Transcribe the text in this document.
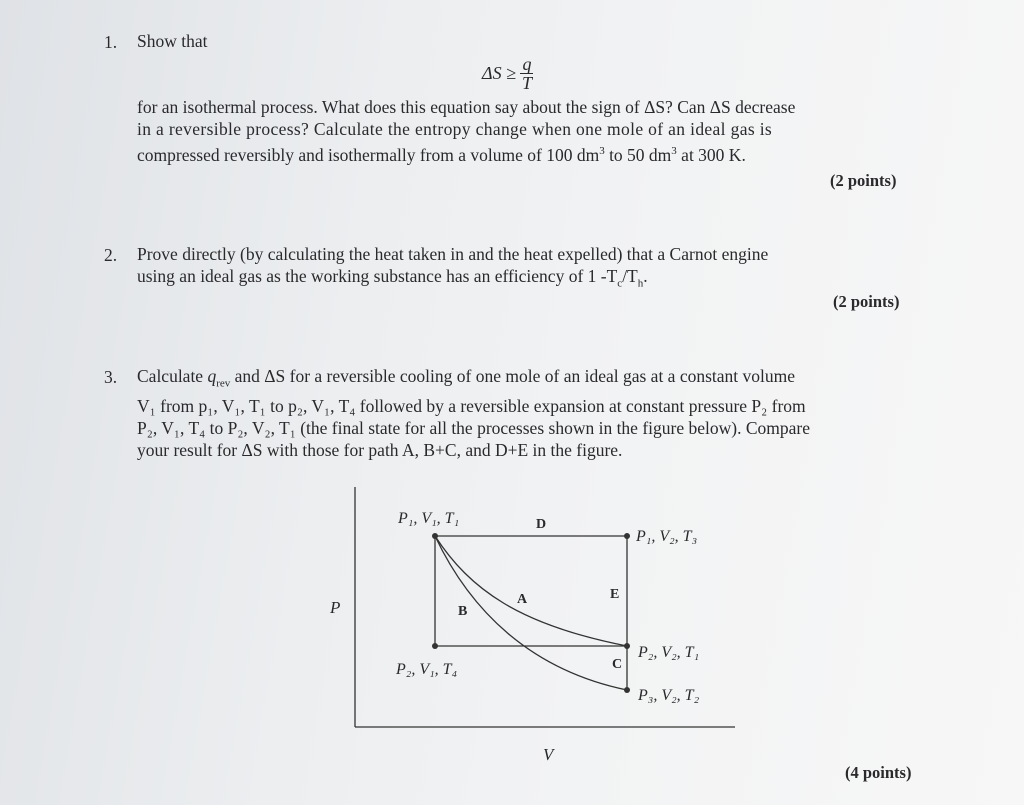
1. Show that
$\Delta S \ge \frac{q}{T}$
for an isothermal process. What does this equation say about the sign of ΔS? Can ΔS decrease
in a reversible process? Calculate the entropy change when one mole of an ideal gas is
compressed reversibly and isothermally from a volume of 100 $dm^3$ to 50 $dm^3$ at 300 K.
(2 points)
2. Prove directly (by calculating the heat taken in and the heat expelled) that a Carnot engine
using an ideal gas as the working substance has an efficiency of 1 $-T_c/T_h$.
(2 points)
3. Calculate $q_{rev}$ and ΔS for a reversible cooling of one mole of an ideal gas at a constant volume
V₁ from p₁, V₁, T₁ to p₂, V₁, T₄ followed by a reversible expansion at constant pressure P₂ from
P₂, V₁, T₄ to P₂, V₂, T₁ (the final state for all the processes shown in the figure below). Compare
your result for ΔS with those for path A, B+C, and D+E in the figure.
P
V
P₁, V₁, T₁
P₁, V₂, T₃
P₂, V₁, T₄
P₂, V₂, T₁
P₃, V₂, T₂
D
A	E
B
C
(4 points)
